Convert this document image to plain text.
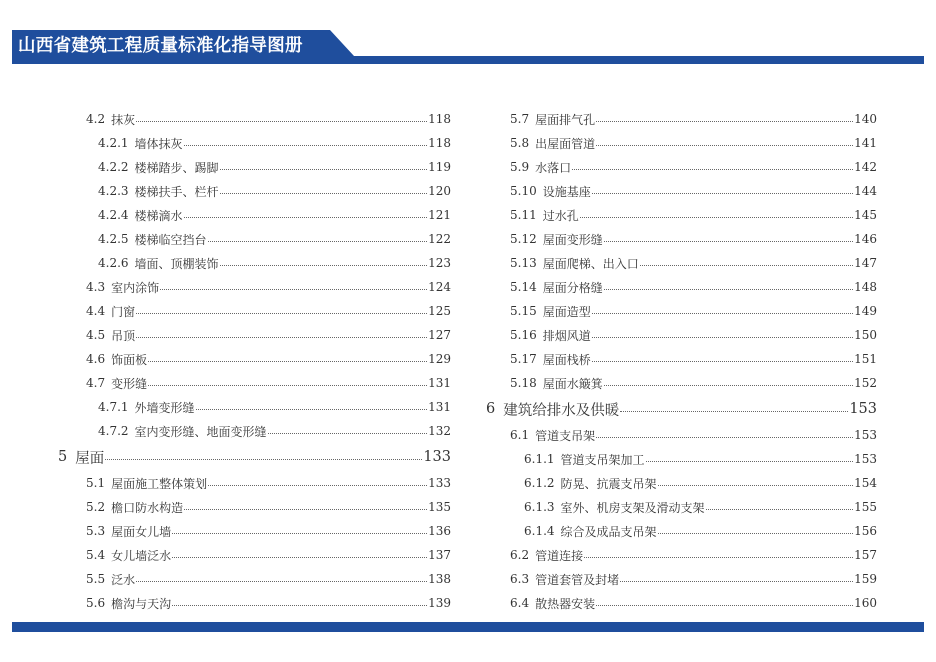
山西省建筑工程质量标准化指导图册
4.2 抹灰	118
4.2.1 墙体抹灰	118
4.2.2 楼梯踏步、踢脚	119
4.2.3 楼梯扶手、栏杆	120
4.2.4 楼梯滴水	121
4.2.5 楼梯临空挡台	122
4.2.6 墙面、顶棚装饰	123
4.3 室内涂饰	124
4.4 门窗	125
4.5 吊顶	127
4.6 饰面板	129
4.7 变形缝	131
4.7.1 外墙变形缝	131
4.7.2 室内变形缝、地面变形缝	132
5 屋面	133
5.1 屋面施工整体策划	133
5.2 檐口防水构造	135
5.3 屋面女儿墙	136
5.4 女儿墙泛水	137
5.5 泛水	138
5.6 檐沟与天沟	139
5.7 屋面排气孔	140
5.8 出屋面管道	141
5.9 水落口	142
5.10 设施基座	144
5.11 过水孔	145
5.12 屋面变形缝	146
5.13 屋面爬梯、出入口	147
5.14 屋面分格缝	148
5.15 屋面造型	149
5.16 排烟风道	150
5.17 屋面栈桥	151
5.18 屋面水簸箕	152
6 建筑给排水及供暖	153
6.1 管道支吊架	153
6.1.1 管道支吊架加工	153
6.1.2 防晃、抗震支吊架	154
6.1.3 室外、机房支架及滑动支架	155
6.1.4 综合及成品支吊架	156
6.2 管道连接	157
6.3 管道套管及封堵	159
6.4 散热器安装	160
